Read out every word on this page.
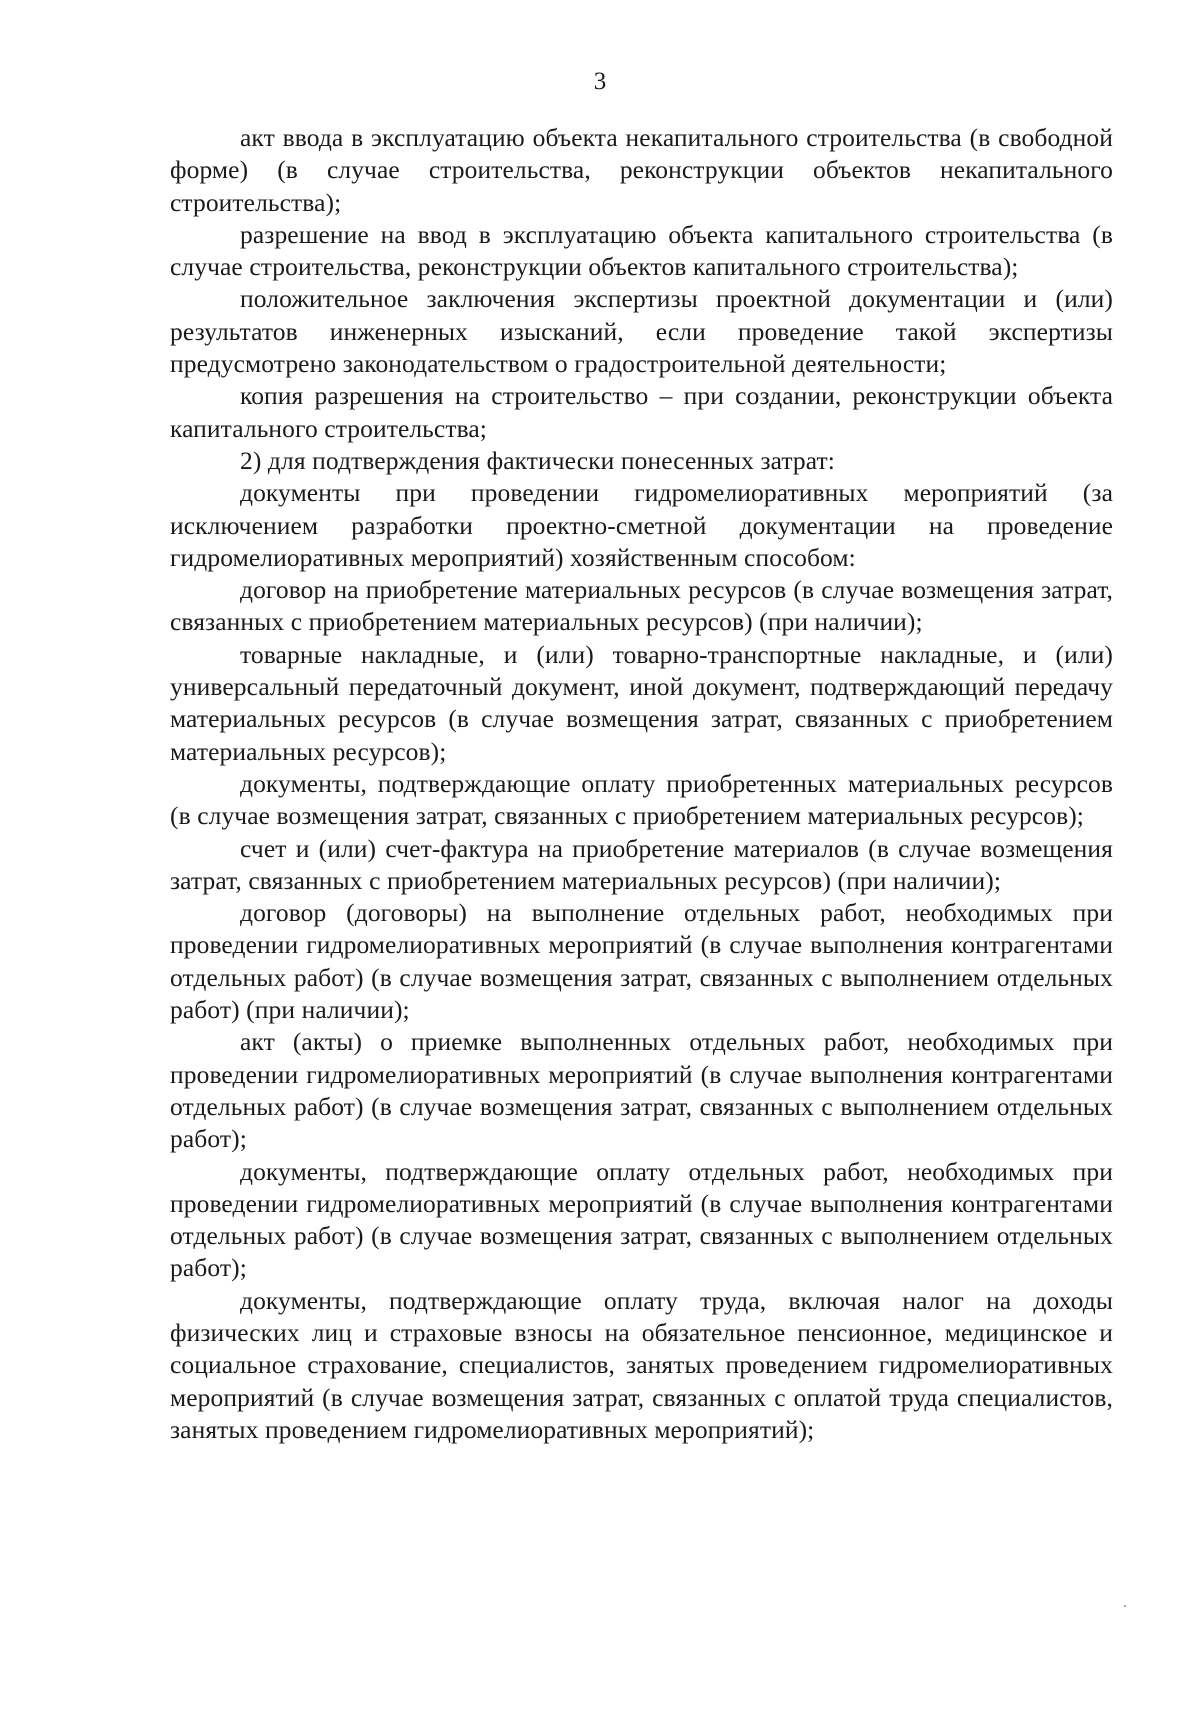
3

акт ввода в эксплуатацию объекта некапитального строительства (в свободной форме) (в случае строительства, реконструкции объектов некапитального строительства);

разрешение на ввод в эксплуатацию объекта капитального строительства (в случае строительства, реконструкции объектов капитального строительства);

положительное заключения экспертизы проектной документации и (или) результатов инженерных изысканий, если проведение такой экспертизы предусмотрено законодательством о градостроительной деятельности;

копия разрешения на строительство – при создании, реконструкции объекта капитального строительства;

2) для подтверждения фактически понесенных затрат:

документы при проведении гидромелиоративных мероприятий (за исключением разработки проектно-сметной документации на проведение гидромелиоративных мероприятий) хозяйственным способом:

договор на приобретение материальных ресурсов (в случае возмещения затрат, связанных с приобретением материальных ресурсов) (при наличии);

товарные накладные, и (или) товарно-транспортные накладные, и (или) универсальный передаточный документ, иной документ, подтверждающий передачу материальных ресурсов (в случае возмещения затрат, связанных с приобретением материальных ресурсов);

документы, подтверждающие оплату приобретенных материальных ресурсов (в случае возмещения затрат, связанных с приобретением материальных ресурсов);

счет и (или) счет-фактура на приобретение материалов (в случае возмещения затрат, связанных с приобретением материальных ресурсов) (при наличии);

договор (договоры) на выполнение отдельных работ, необходимых при проведении гидромелиоративных мероприятий (в случае выполнения контрагентами отдельных работ) (в случае возмещения затрат, связанных с выполнением отдельных работ) (при наличии);

акт (акты) о приемке выполненных отдельных работ, необходимых при проведении гидромелиоративных мероприятий (в случае выполнения контрагентами отдельных работ) (в случае возмещения затрат, связанных с выполнением отдельных работ);

документы, подтверждающие оплату отдельных работ, необходимых при проведении гидромелиоративных мероприятий (в случае выполнения контрагентами отдельных работ) (в случае возмещения затрат, связанных с выполнением отдельных работ);

документы, подтверждающие оплату труда, включая налог на доходы физических лиц и страховые взносы на обязательное пенсионное, медицинское и социальное страхование, специалистов, занятых проведением гидромелиоративных мероприятий (в случае возмещения затрат, связанных с оплатой труда специалистов, занятых проведением гидромелиоративных мероприятий);
